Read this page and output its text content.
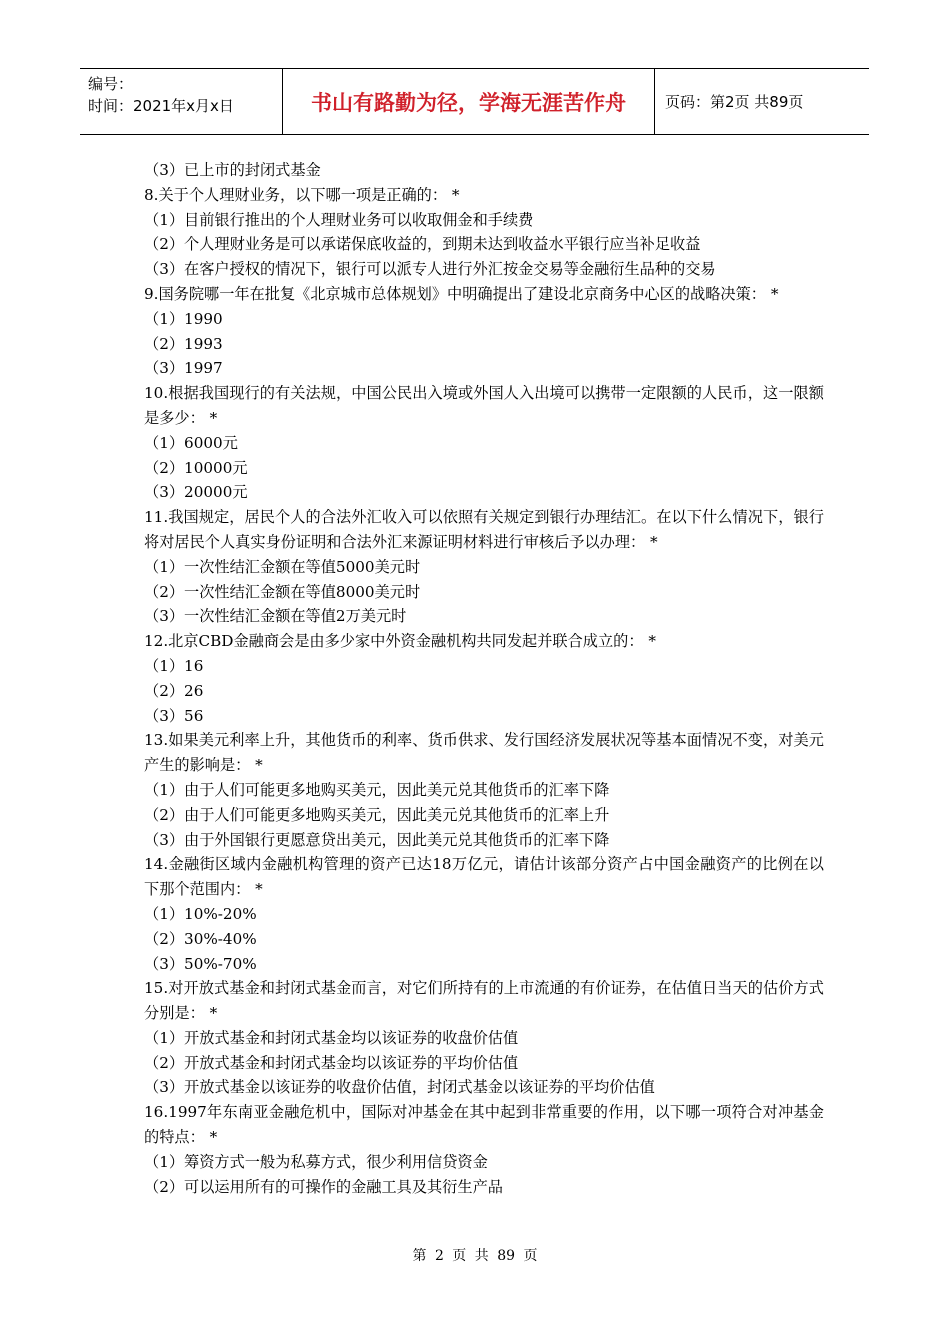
编号：
时间：2021年x月x日	书山有路勤为径，学海无涯苦作舟	页码：第2页 共89页
（3）已上市的封闭式基金
8.关于个人理财业务，以下哪一项是正确的： *
（1）目前银行推出的个人理财业务可以收取佣金和手续费
（2）个人理财业务是可以承诺保底收益的，到期未达到收益水平银行应当补足收益
（3）在客户授权的情况下，银行可以派专人进行外汇按金交易等金融衍生品种的交易
9.国务院哪一年在批复《北京城市总体规划》中明确提出了建设北京商务中心区的战略决策： *
（1）1990
（2）1993
（3）1997
10.根据我国现行的有关法规，中国公民出入境或外国人入出境可以携带一定限额的人民币，这一限额是多少： *
（1）6000元
（2）10000元
（3）20000元
11.我国规定，居民个人的合法外汇收入可以依照有关规定到银行办理结汇。在以下什么情况下，银行将对居民个人真实身份证明和合法外汇来源证明材料进行审核后予以办理： *
（1）一次性结汇金额在等值5000美元时
（2）一次性结汇金额在等值8000美元时
（3）一次性结汇金额在等值2万美元时
12.北京CBD金融商会是由多少家中外资金融机构共同发起并联合成立的： *
（1）16
（2）26
（3）56
13.如果美元利率上升，其他货币的利率、货币供求、发行国经济发展状况等基本面情况不变，对美元产生的影响是： *
（1）由于人们可能更多地购买美元，因此美元兑其他货币的汇率下降
（2）由于人们可能更多地购买美元，因此美元兑其他货币的汇率上升
（3）由于外国银行更愿意贷出美元，因此美元兑其他货币的汇率下降
14.金融街区域内金融机构管理的资产已达18万亿元，请估计该部分资产占中国金融资产的比例在以下那个范围内： *
（1）10%-20%
（2）30%-40%
（3）50%-70%
15.对开放式基金和封闭式基金而言，对它们所持有的上市流通的有价证券，在估值日当天的估价方式分别是： *
（1）开放式基金和封闭式基金均以该证券的收盘价估值
（2）开放式基金和封闭式基金均以该证券的平均价估值
（3）开放式基金以该证券的收盘价估值，封闭式基金以该证券的平均价估值
16.1997年东南亚金融危机中，国际对冲基金在其中起到非常重要的作用，以下哪一项符合对冲基金的特点： *
（1）筹资方式一般为私募方式，很少利用信贷资金
（2）可以运用所有的可操作的金融工具及其衍生产品
第 2 页 共 89 页
